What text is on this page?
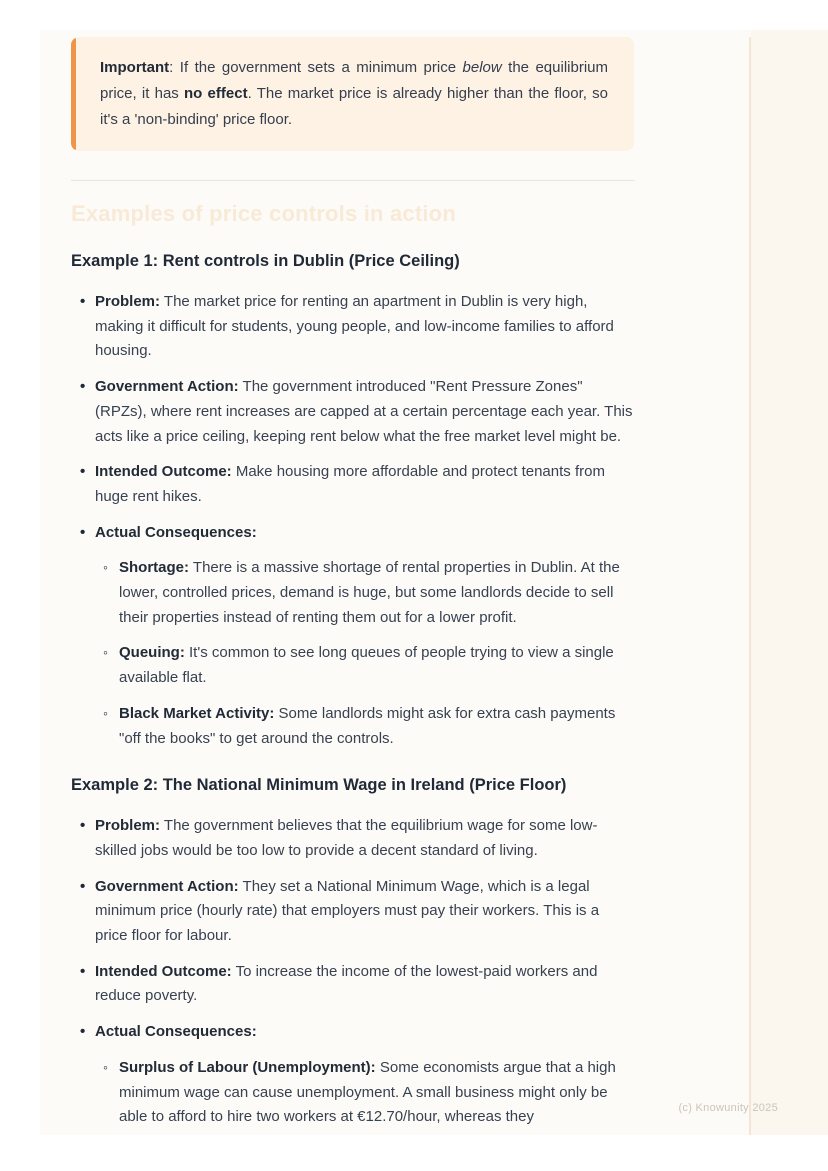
Important: If the government sets a minimum price below the equilibrium price, it has no effect. The market price is already higher than the floor, so it's a 'non-binding' price floor.

Examples of price controls in action
Example 1: Rent controls in Dublin (Price Ceiling)
• Problem: The market price for renting an apartment in Dublin is very high, making it difficult for students, young people, and low-income families to afford housing.
• Government Action: The government introduced "Rent Pressure Zones" (RPZs), where rent increases are capped at a certain percentage each year. This acts like a price ceiling, keeping rent below what the free market level might be.
• Intended Outcome: Make housing more affordable and protect tenants from huge rent hikes.
• Actual Consequences:
◦ Shortage: There is a massive shortage of rental properties in Dublin. At the lower, controlled prices, demand is huge, but some landlords decide to sell their properties instead of renting them out for a lower profit.
◦ Queuing: It's common to see long queues of people trying to view a single available flat.
◦ Black Market Activity: Some landlords might ask for extra cash payments "off the books" to get around the controls.
Example 2: The National Minimum Wage in Ireland (Price Floor)
• Problem: The government believes that the equilibrium wage for some low-skilled jobs would be too low to provide a decent standard of living.
• Government Action: They set a National Minimum Wage, which is a legal minimum price (hourly rate) that employers must pay their workers. This is a price floor for labour.
• Intended Outcome: To increase the income of the lowest-paid workers and reduce poverty.
• Actual Consequences:
◦ Surplus of Labour (Unemployment): Some economists argue that a high minimum wage can cause unemployment. A small business might only be able to afford to hire two workers at €12.70/hour, whereas they
(c) Knowunity 2025
